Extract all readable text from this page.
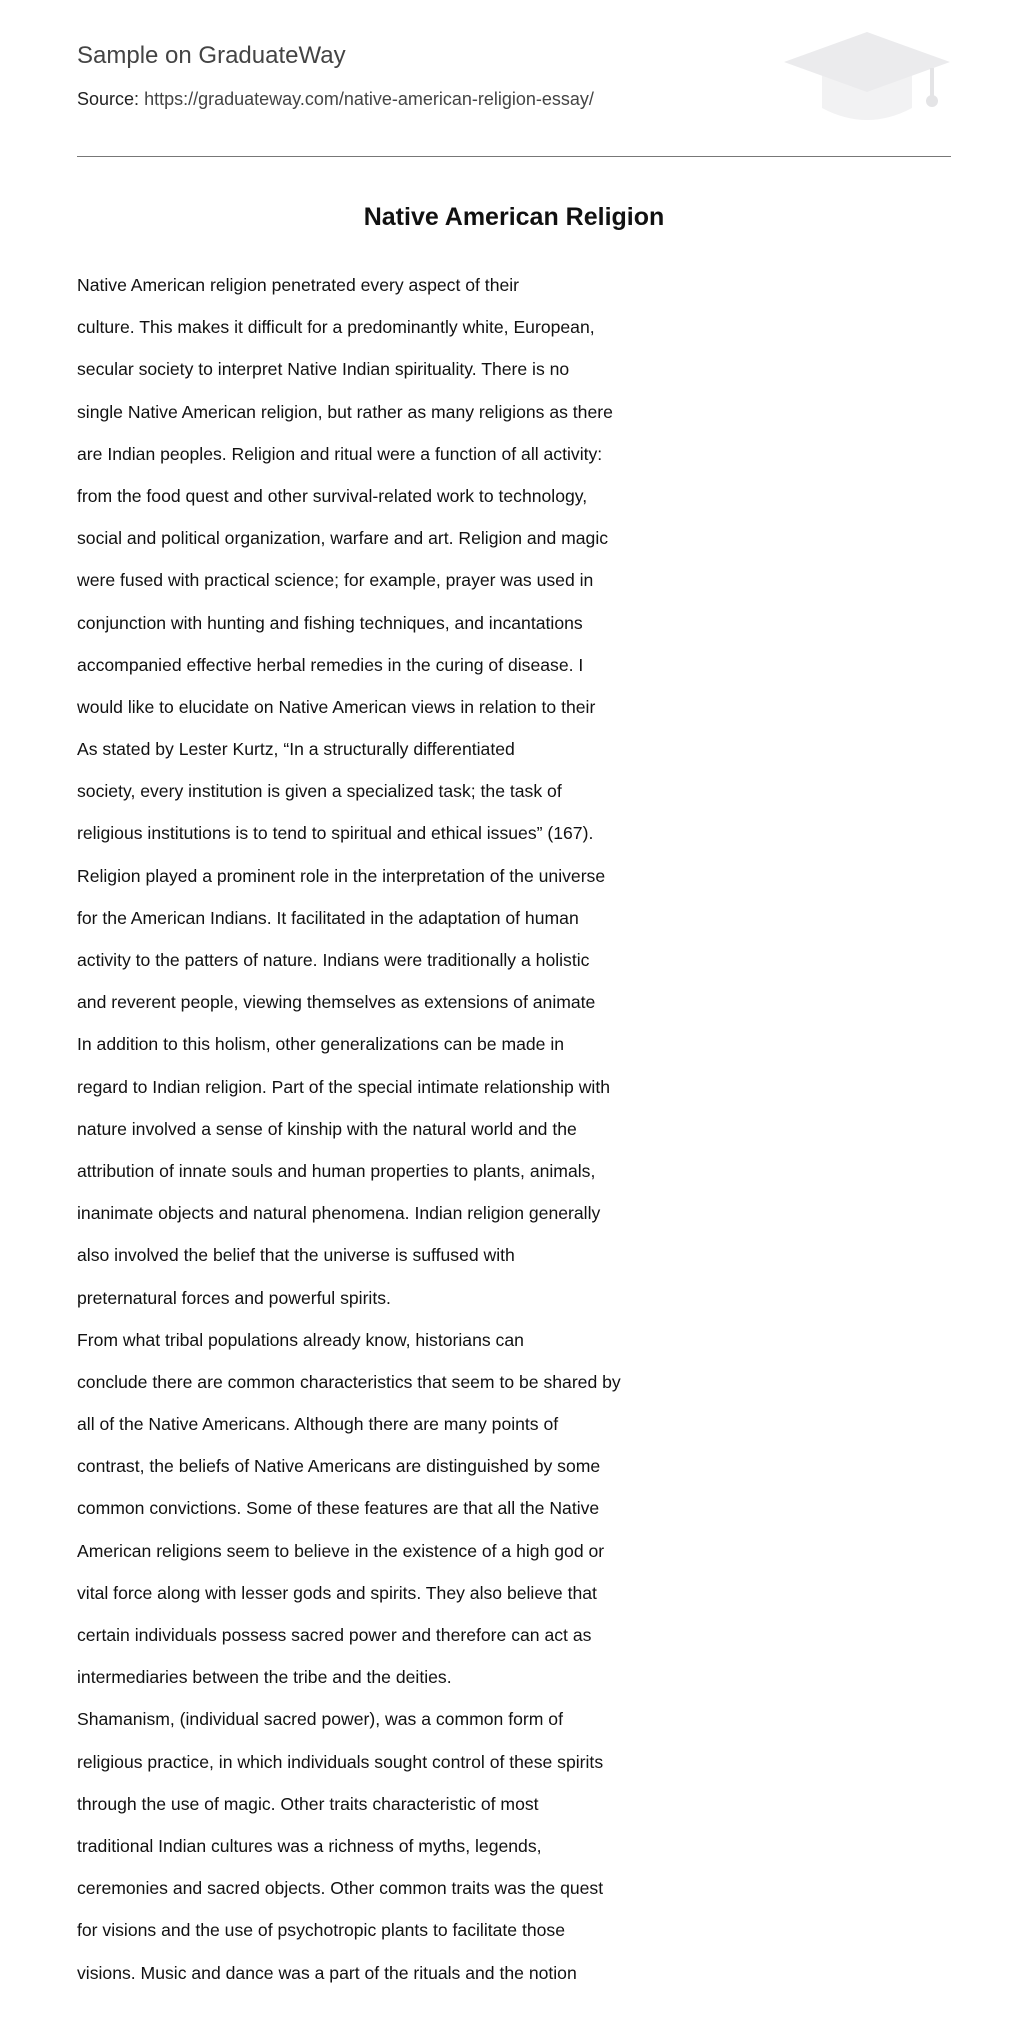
Sample on GraduateWay
Source: https://graduateway.com/native-american-religion-essay/
Native American Religion
Native American religion penetrated every aspect of their
culture. This makes it difficult for a predominantly white, European,
secular society to interpret Native Indian spirituality. There is no
single Native American religion, but rather as many religions as there
are Indian peoples. Religion and ritual were a function of all activity:
from the food quest and other survival-related work to technology,
social and political organization, warfare and art. Religion and magic
were fused with practical science; for example, prayer was used in
conjunction with hunting and fishing techniques, and incantations
accompanied effective herbal remedies in the curing of disease. I
would like to elucidate on Native American views in relation to their
As stated by Lester Kurtz, “In a structurally differentiated
society, every institution is given a specialized task; the task of
religious institutions is to tend to spiritual and ethical issues” (167).
Religion played a prominent role in the interpretation of the universe
for the American Indians. It facilitated in the adaptation of human
activity to the patters of nature. Indians were traditionally a holistic
and reverent people, viewing themselves as extensions of animate
In addition to this holism, other generalizations can be made in
regard to Indian religion. Part of the special intimate relationship with
nature involved a sense of kinship with the natural world and the
attribution of innate souls and human properties to plants, animals,
inanimate objects and natural phenomena. Indian religion generally
also involved the belief that the universe is suffused with
preternatural forces and powerful spirits.
From what tribal populations already know, historians can
conclude there are common characteristics that seem to be shared by
all of the Native Americans. Although there are many points of
contrast, the beliefs of Native Americans are distinguished by some
common convictions. Some of these features are that all the Native
American religions seem to believe in the existence of a high god or
vital force along with lesser gods and spirits. They also believe that
certain individuals possess sacred power and therefore can act as
intermediaries between the tribe and the deities.
Shamanism, (individual sacred power), was a common form of
religious practice, in which individuals sought control of these spirits
through the use of magic. Other traits characteristic of most
traditional Indian cultures was a richness of myths, legends,
ceremonies and sacred objects. Other common traits was the quest
for visions and the use of psychotropic plants to facilitate those
visions. Music and dance was a part of the rituals and the notion
